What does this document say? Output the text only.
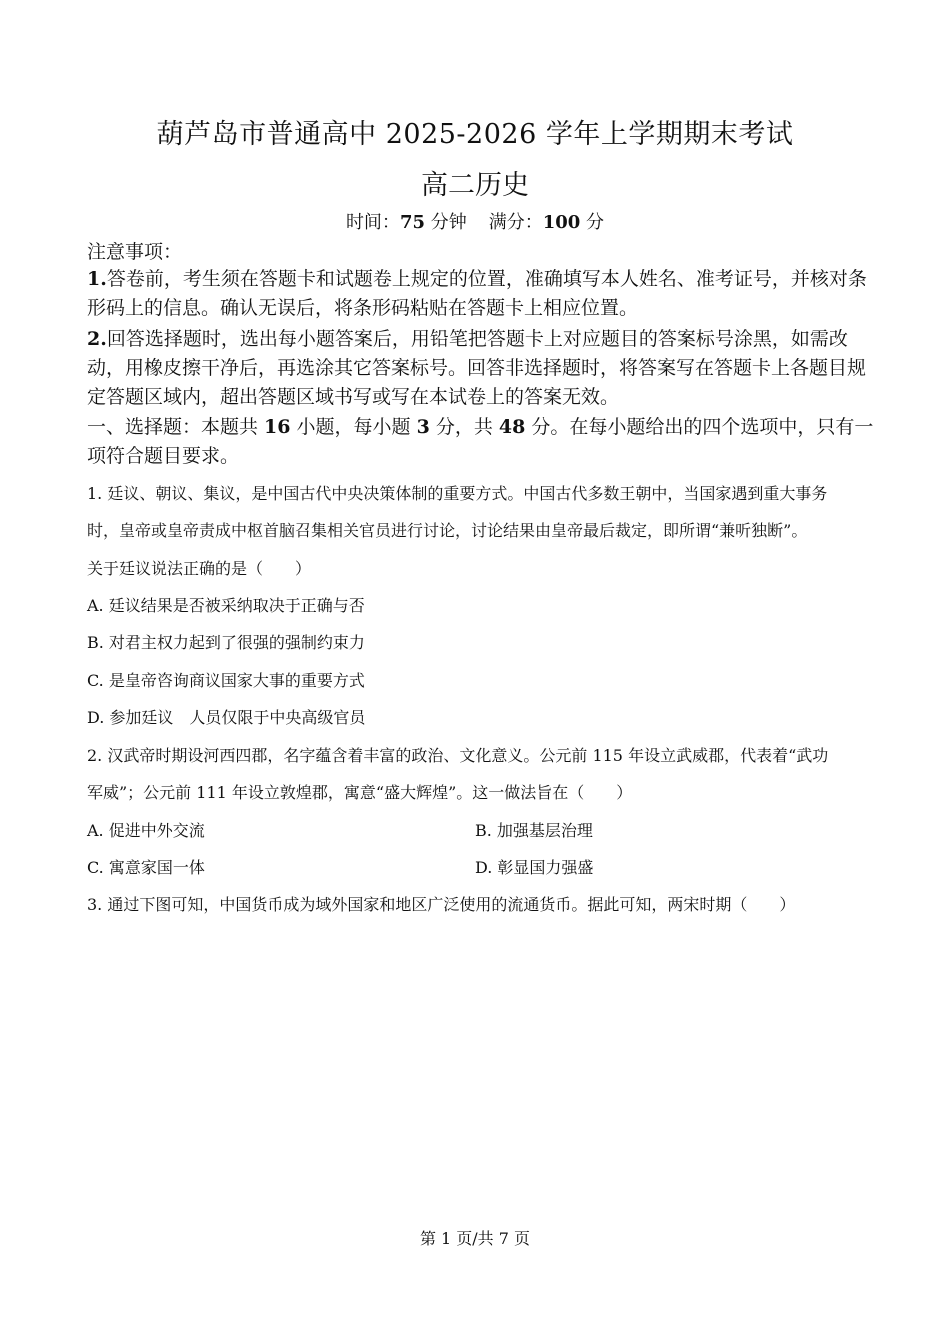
葫芦岛市普通高中 2025-2026 学年上学期期末考试
高二历史
时间：75 分钟 满分：100 分
注意事项：
1.答卷前，考生须在答题卡和试题卷上规定的位置，准确填写本人姓名、准考证号，并核对条形码上的信息。确认无误后，将条形码粘贴在答题卡上相应位置。
2.回答选择题时，选出每小题答案后，用铅笔把答题卡上对应题目的答案标号涂黑，如需改动，用橡皮擦干净后，再选涂其它答案标号。回答非选择题时，将答案写在答题卡上各题目规定答题区域内，超出答题区域书写或写在本试卷上的答案无效。
一、选择题：本题共 16 小题，每小题 3 分，共 48 分。在每小题给出的四个选项中，只有一项符合题目要求。
1. 廷议、朝议、集议，是中国古代中央决策体制的重要方式。中国古代多数王朝中，当国家遇到重大事务
时，皇帝或皇帝责成中枢首脑召集相关官员进行讨论，讨论结果由皇帝最后裁定，即所谓“兼听独断”。
关于廷议说法正确的是（　　）
A. 廷议结果是否被采纳取决于正确与否
B. 对君主权力起到了很强的强制约束力
C. 是皇帝咨询商议国家大事的重要方式
D. 参加廷议　人员仅限于中央高级官员
2. 汉武帝时期设河西四郡，名字蕴含着丰富的政治、文化意义。公元前 115 年设立武威郡，代表着“武功
军威”；公元前 111 年设立敦煌郡，寓意“盛大辉煌”。这一做法旨在（　　）
A. 促进中外交流	B. 加强基层治理
C. 寓意家国一体	D. 彰显国力强盛
3. 通过下图可知，中国货币成为域外国家和地区广泛使用的流通货币。据此可知，两宋时期（　　）
第 1 页/共 7 页
